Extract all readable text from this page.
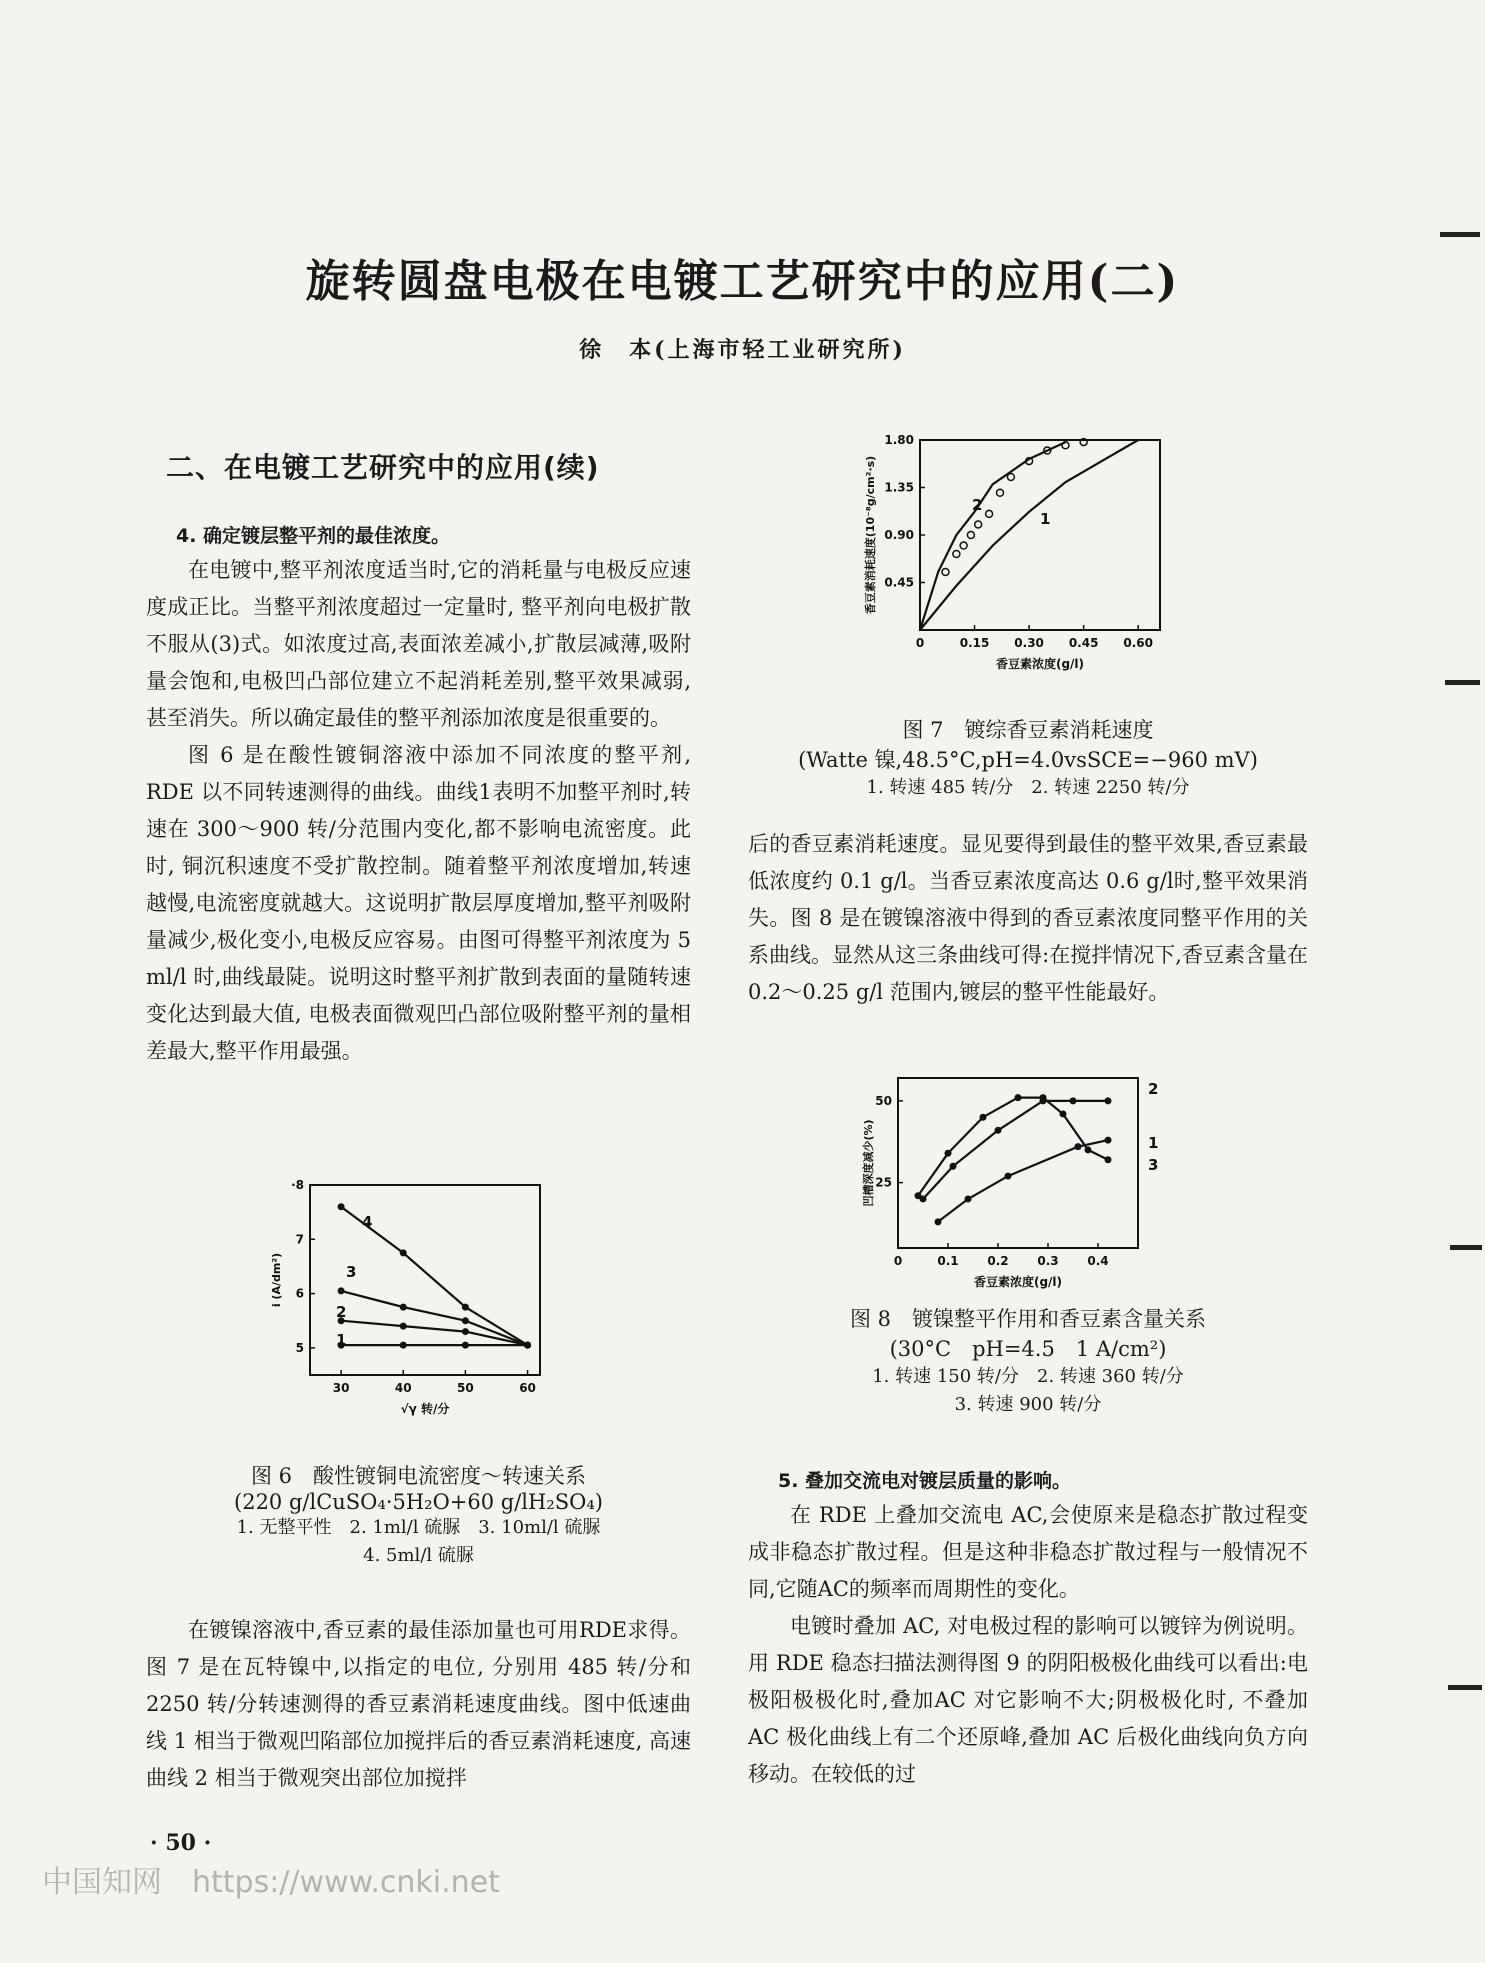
旋转圆盘电极在电镀工艺研究中的应用(二)
徐　本(上海市轻工业研究所)
二、在电镀工艺研究中的应用(续)
4. 确定镀层整平剂的最佳浓度。

在电镀中,整平剂浓度适当时,它的消耗量与电极反应速度成正比。当整平剂浓度超过一定量时, 整平剂向电极扩散不服从(3)式。如浓度过高,表面浓差减小,扩散层减薄,吸附量会饱和,电极凹凸部位建立不起消耗差别,整平效果减弱,甚至消失。所以确定最佳的整平剂添加浓度是很重要的。

图 6 是在酸性镀铜溶液中添加不同浓度的整平剂, RDE 以不同转速测得的曲线。曲线1表明不加整平剂时,转速在 300～900 转/分范围内变化,都不影响电流密度。此时, 铜沉积速度不受扩散控制。随着整平剂浓度增加,转速越慢,电流密度就越大。这说明扩散层厚度增加,整平剂吸附量减少,极化变小,电极反应容易。由图可得整平剂浓度为 5 ml/l 时,曲线最陡。说明这时整平剂扩散到表面的量随转速变化达到最大值, 电极表面微观凹凸部位吸附整平剂的量相差最大,整平作用最强。

30	40	50	60
5
6
7
·8
√γ 转/分
i (A/dm²)
1
2
3
4
图 6　酸性镀铜电流密度～转速关系
(220 g/lCuSO₄·5H₂O+60 g/lH₂SO₄)
1. 无整平性　2. 1ml/l 硫脲　3. 10ml/l 硫脲
4. 5ml/l 硫脲

在镀镍溶液中,香豆素的最佳添加量也可用RDE求得。图 7 是在瓦特镍中,以指定的电位, 分别用 485 转/分和 2250 转/分转速测得的香豆素消耗速度曲线。图中低速曲线 1 相当于微观凹陷部位加搅拌后的香豆素消耗速度, 高速曲线 2 相当于微观突出部位加搅拌

0	0.15 0.30 0.45 0.60
0.45
0.90
1.35
1.80
香豆素浓度(g/l)
香豆素消耗速度(10⁻⁸g/cm²·s)	1
2
图 7　镀综香豆素消耗速度
(Watte 镍,48.5°C,pH=4.0vsSCE=−960 mV)
1. 转速 485 转/分　2. 转速 2250 转/分

后的香豆素消耗速度。显见要得到最佳的整平效果,香豆素最低浓度约 0.1 g/l。当香豆素浓度高达 0.6 g/l时,整平效果消失。图 8 是在镀镍溶液中得到的香豆素浓度同整平作用的关系曲线。显然从这三条曲线可得:在搅拌情况下,香豆素含量在 0.2～0.25 g/l 范围内,镀层的整平性能最好。

0	0.1 0.2 0.3 0.4
25
50
香豆素浓度(g/l)
凹槽深度减少(%)	1
2
3
图 8　镀镍整平作用和香豆素含量关系
(30°C　pH=4.5　1 A/cm²)
1. 转速 150 转/分　2. 转速 360 转/分
3. 转速 900 转/分
5. 叠加交流电对镀层质量的影响。

在 RDE 上叠加交流电 AC,会使原来是稳态扩散过程变成非稳态扩散过程。但是这种非稳态扩散过程与一般情况不同,它随AC的频率而周期性的变化。

电镀时叠加 AC, 对电极过程的影响可以镀锌为例说明。用 RDE 稳态扫描法测得图 9 的阴阳极极化曲线可以看出:电极阳极极化时,叠加AC 对它影响不大;阴极极化时, 不叠加 AC 极化曲线上有二个还原峰,叠加 AC 后极化曲线向负方向移动。在较低的过

· 50 ·
中国知网　https://www.cnki.net
